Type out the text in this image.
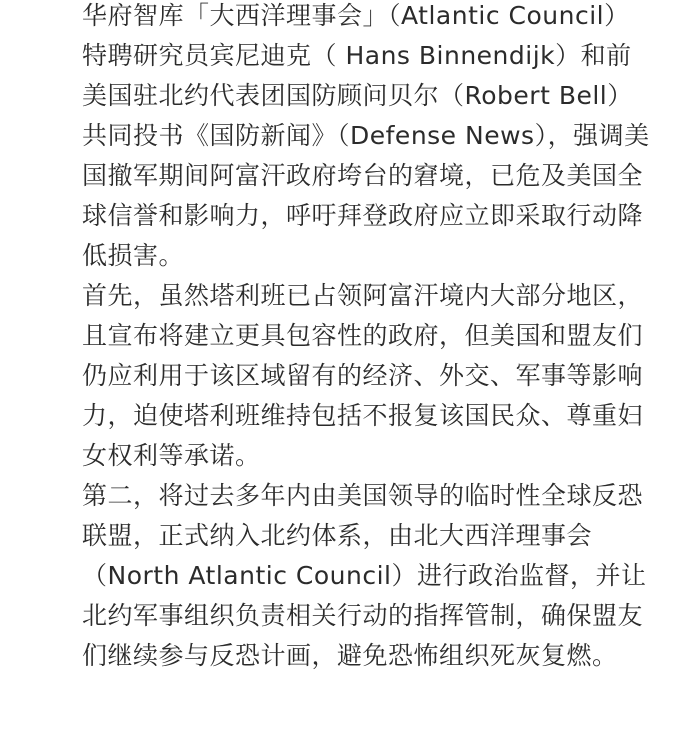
华府智库「大西洋理事会」（Atlantic Council）特聘研究员宾尼迪克（ Hans Binnendijk）和前美国驻北约代表团国防顾问贝尔（Robert Bell）共同投书《国防新闻》（Defense News），强调美国撤军期间阿富汗政府垮台的窘境，已危及美国全球信誉和影响力，呼吁拜登政府应立即采取行动降低损害。

首先，虽然塔利班已占领阿富汗境内大部分地区，且宣布将建立更具包容性的政府，但美国和盟友们仍应利用于该区域留有的经济、外交、军事等影响力，迫使塔利班维持包括不报复该国民众、尊重妇女权利等承诺。

第二，将过去多年内由美国领导的临时性全球反恐联盟，正式纳入北约体系，由北大西洋理事会（North Atlantic Council）进行政治监督，并让北约军事组织负责相关行动的指挥管制，确保盟友们继续参与反恐计画，避免恐怖组织死灰复燃。
